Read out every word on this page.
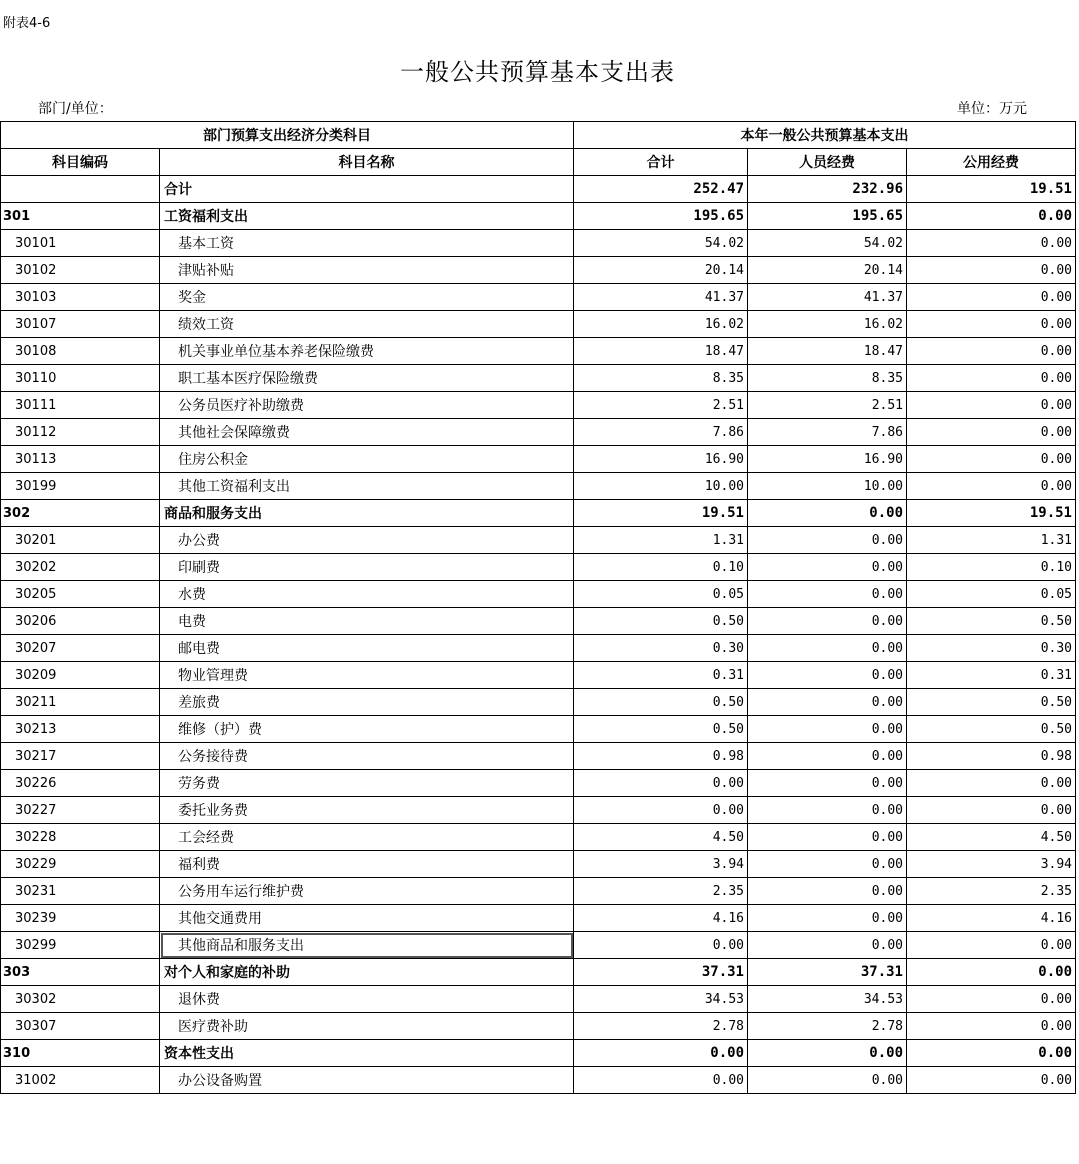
附表4-6
一般公共预算基本支出表
部门/单位：	单位：万元
部门预算支出经济分类科目		本年一般公共预算基本支出		
科目编码	科目名称	合计	人员经费	公用经费
	合计	252.47	232.96	19.51
301	工资福利支出	195.65	195.65	0.00
30101	基本工资	54.02	54.02	0.00
30102	津贴补贴	20.14	20.14	0.00
30103	奖金	41.37	41.37	0.00
30107	绩效工资	16.02	16.02	0.00
30108	机关事业单位基本养老保险缴费	18.47	18.47	0.00
30110	职工基本医疗保险缴费	8.35	8.35	0.00
30111	公务员医疗补助缴费	2.51	2.51	0.00
30112	其他社会保障缴费	7.86	7.86	0.00
30113	住房公积金	16.90	16.90	0.00
30199	其他工资福利支出	10.00	10.00	0.00
302	商品和服务支出	19.51	0.00	19.51
30201	办公费	1.31	0.00	1.31
30202	印刷费	0.10	0.00	0.10
30205	水费	0.05	0.00	0.05
30206	电费	0.50	0.00	0.50
30207	邮电费	0.30	0.00	0.30
30209	物业管理费	0.31	0.00	0.31
30211	差旅费	0.50	0.00	0.50
30213	维修（护）费	0.50	0.00	0.50
30217	公务接待费	0.98	0.00	0.98
30226	劳务费	0.00	0.00	0.00
30227	委托业务费	0.00	0.00	0.00
30228	工会经费	4.50	0.00	4.50
30229	福利费	3.94	0.00	3.94
30231	公务用车运行维护费	2.35	0.00	2.35
30239	其他交通费用	4.16	0.00	4.16
30299	其他商品和服务支出	0.00	0.00	0.00
303	对个人和家庭的补助	37.31	37.31	0.00
30302	退休费	34.53	34.53	0.00
30307	医疗费补助	2.78	2.78	0.00
310	资本性支出	0.00	0.00	0.00
31002	办公设备购置	0.00	0.00	0.00
